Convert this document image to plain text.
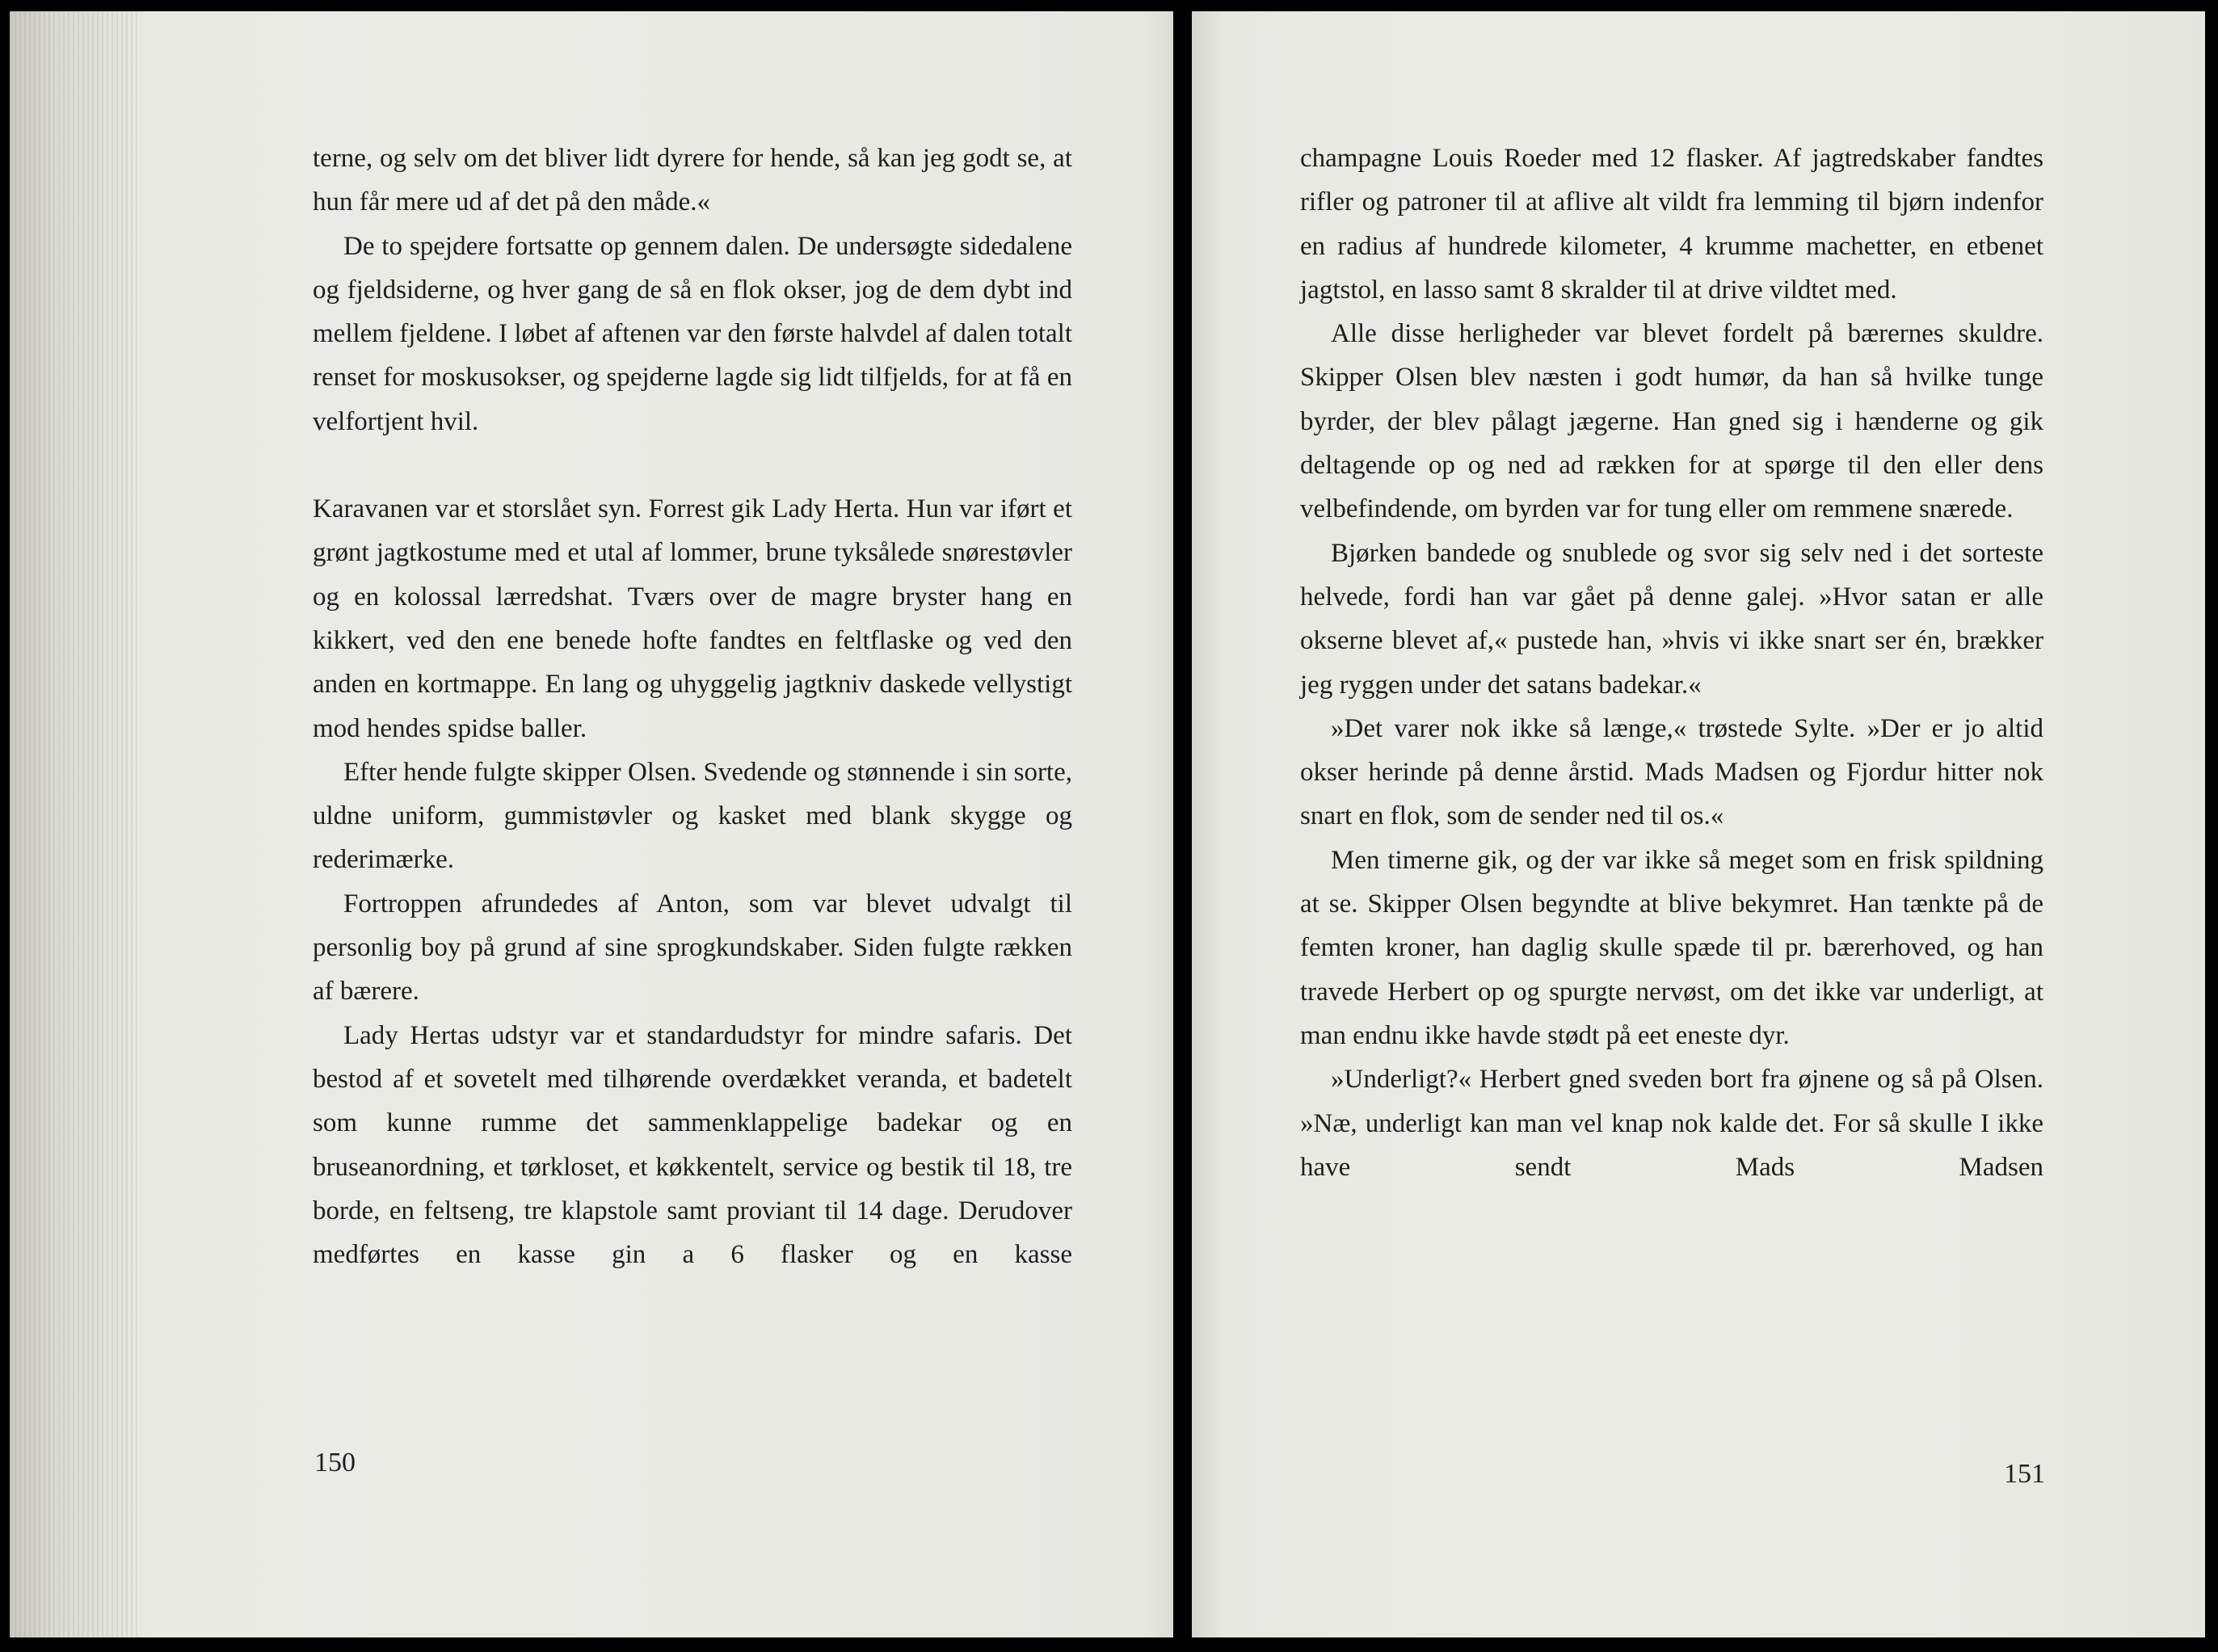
terne, og selv om det bliver lidt dyrere for hende, så kan jeg godt se, at hun får mere ud af det på den måde.«

De to spejdere fortsatte op gennem dalen. De undersøgte sidedalene og fjeldsiderne, og hver gang de så en flok okser, jog de dem dybt ind mellem fjeldene. I løbet af aftenen var den første halvdel af dalen totalt renset for moskusokser, og spejderne lagde sig lidt tilfjelds, for at få en velfortjent hvil.

Karavanen var et storslået syn. Forrest gik Lady Herta. Hun var iført et grønt jagtkostume med et utal af lommer, brune tyksålede snørestøvler og en kolossal lærredshat. Tværs over de magre bryster hang en kikkert, ved den ene benede hofte fandtes en feltflaske og ved den anden en kortmappe. En lang og uhyggelig jagtkniv daskede vellystigt mod hendes spidse baller.

Efter hende fulgte skipper Olsen. Svedende og stønnende i sin sorte, uldne uniform, gummistøvler og kasket med blank skygge og rederimærke.

Fortroppen afrundedes af Anton, som var blevet udvalgt til personlig boy på grund af sine sprogkundskaber. Siden fulgte rækken af bærere.

Lady Hertas udstyr var et standardudstyr for mindre safaris. Det bestod af et sovetelt med tilhørende overdækket veranda, et badetelt som kunne rumme det sammenklappelige badekar og en bruseanordning, et tørkloset, et køkkentelt, service og bestik til 18, tre borde, en feltseng, tre klapstole samt proviant til 14 dage. Derudover medførtes en kasse gin a 6 flasker og en kasse

150

champagne Louis Roeder med 12 flasker. Af jagtredskaber fandtes rifler og patroner til at aflive alt vildt fra lemming til bjørn indenfor en radius af hundrede kilometer, 4 krumme machetter, en etbenet jagtstol, en lasso samt 8 skralder til at drive vildtet med.

Alle disse herligheder var blevet fordelt på bærernes skuldre. Skipper Olsen blev næsten i godt humør, da han så hvilke tunge byrder, der blev pålagt jægerne. Han gned sig i hænderne og gik deltagende op og ned ad rækken for at spørge til den eller dens velbefindende, om byrden var for tung eller om remmene snærede.

Bjørken bandede og snublede og svor sig selv ned i det sorteste helvede, fordi han var gået på denne galej. »Hvor satan er alle okserne blevet af,« pustede han, »hvis vi ikke snart ser én, brækker jeg ryggen under det satans badekar.«

»Det varer nok ikke så længe,« trøstede Sylte. »Der er jo altid okser herinde på denne årstid. Mads Madsen og Fjordur hitter nok snart en flok, som de sender ned til os.«

Men timerne gik, og der var ikke så meget som en frisk spildning at se. Skipper Olsen begyndte at blive bekymret. Han tænkte på de femten kroner, han daglig skulle spæde til pr. bærerhoved, og han travede Herbert op og spurgte nervøst, om det ikke var underligt, at man endnu ikke havde stødt på eet eneste dyr.

»Underligt?« Herbert gned sveden bort fra øjnene og så på Olsen. »Næ, underligt kan man vel knap nok kalde det. For så skulle I ikke have sendt Mads Madsen

151
